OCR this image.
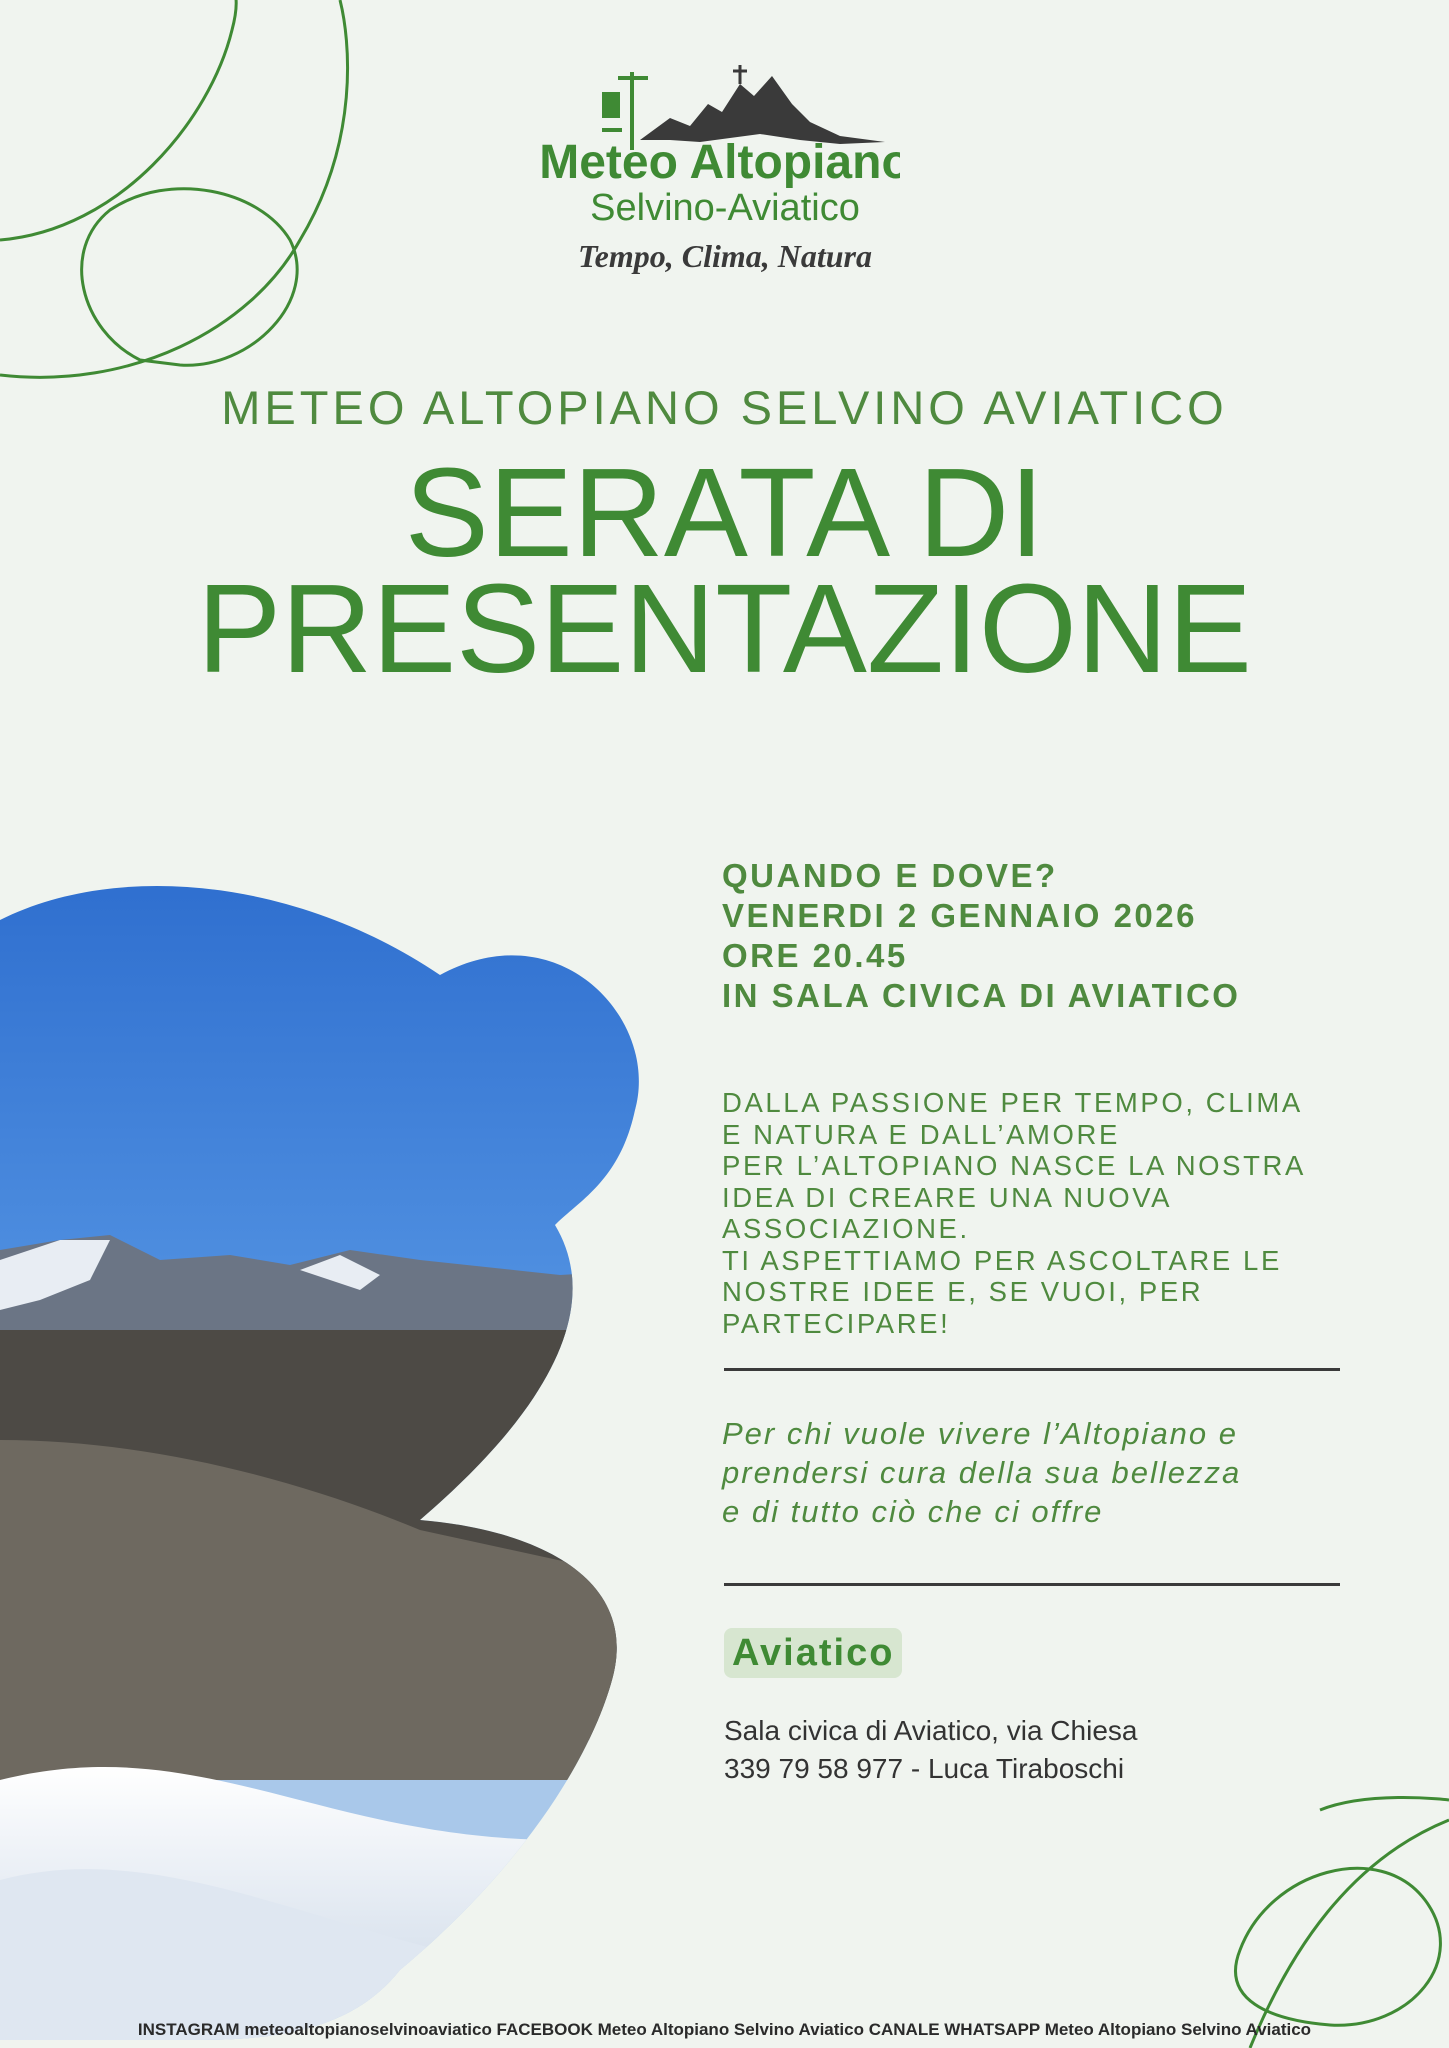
Meteo Altopiano
Selvino-Aviatico
Tempo, Clima, Natura
METEO ALTOPIANO SELVINO AVIATICO
SERATA DI
PRESENTAZIONE
QUANDO E DOVE?
VENERDI 2 GENNAIO 2026
ORE 20.45
IN SALA CIVICA DI AVIATICO
DALLA PASSIONE PER TEMPO, CLIMA
E NATURA E DALL’AMORE
PER L’ALTOPIANO NASCE LA NOSTRA
IDEA DI CREARE UNA NUOVA
ASSOCIAZIONE.
TI ASPETTIAMO PER ASCOLTARE LE
NOSTRE IDEE E, SE VUOI, PER
PARTECIPARE!
Per chi vuole vivere l’Altopiano e
prendersi cura della sua bellezza
e di tutto ciò che ci offre
Aviatico
Sala civica di Aviatico, via Chiesa
339 79 58 977 - Luca Tiraboschi
INSTAGRAM meteoaltopianoselvinoaviatico FACEBOOK Meteo Altopiano Selvino Aviatico CANALE WHATSAPP Meteo Altopiano Selvino Aviatico
